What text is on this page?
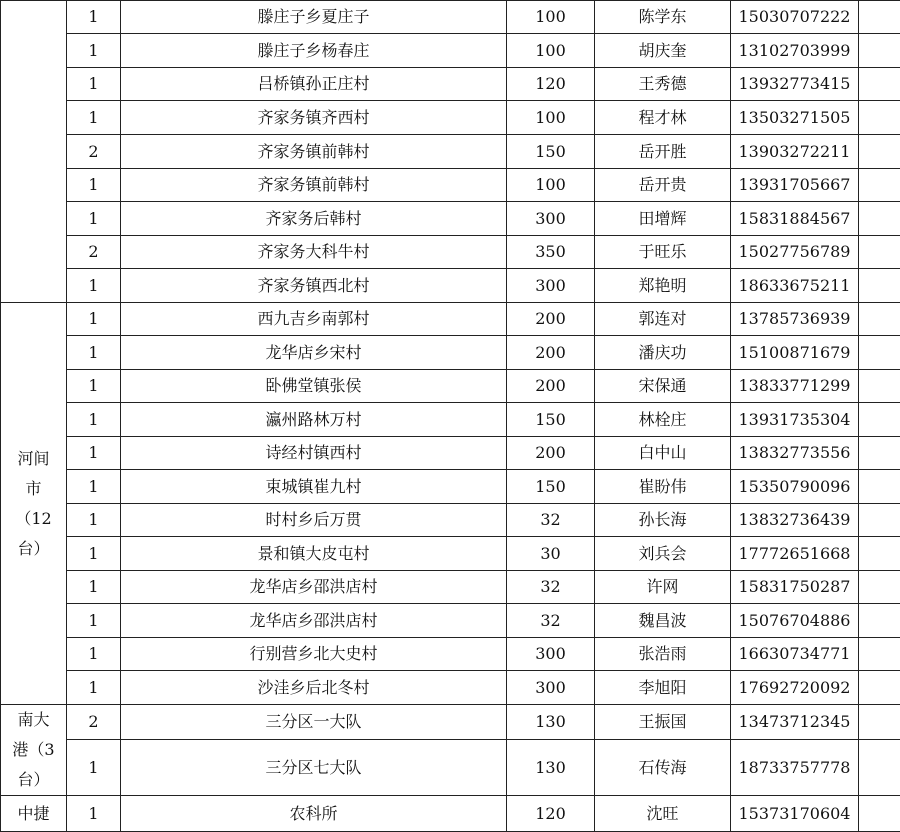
	1	滕庄子乡夏庄子	100	陈学东	15030707222	
	1	滕庄子乡杨春庄	100	胡庆奎	13102703999	
	1	吕桥镇孙正庄村	120	王秀德	13932773415	
	1	齐家务镇齐西村	100	程才林	13503271505	
	2	齐家务镇前韩村	150	岳开胜	13903272211	
	1	齐家务镇前韩村	100	岳开贵	13931705667	
	1	齐家务后韩村	300	田增辉	15831884567	
	2	齐家务大科牛村	350	于旺乐	15027756789	
	1	齐家务镇西北村	300	郑艳明	18633675211	

河间
市
（12
台）	1	西九吉乡南郭村	200	郭连对	13785736939	
	1	龙华店乡宋村	200	潘庆功	15100871679	
	1	卧佛堂镇张侯	200	宋保通	13833771299	
	1	瀛州路林万村	150	林栓庄	13931735304	
	1	诗经村镇西村	200	白中山	13832773556	
	1	束城镇崔九村	150	崔盼伟	15350790096	
	1	时村乡后万贯	32	孙长海	13832736439	
	1	景和镇大皮屯村	30	刘兵会	17772651668	
	1	龙华店乡邵洪店村	32	许网	15831750287	
	1	龙华店乡邵洪店村	32	魏昌波	15076704886	
	1	行别营乡北大史村	300	张浩雨	16630734771	
	1	沙洼乡后北冬村	300	李旭阳	17692720092	

南大
港（3
台）	2	三分区一大队	130	王振国	13473712345	
	1	三分区七大队	130	石传海	18733757778	

中捷	1	农科所	120	沈旺	15373170604	
